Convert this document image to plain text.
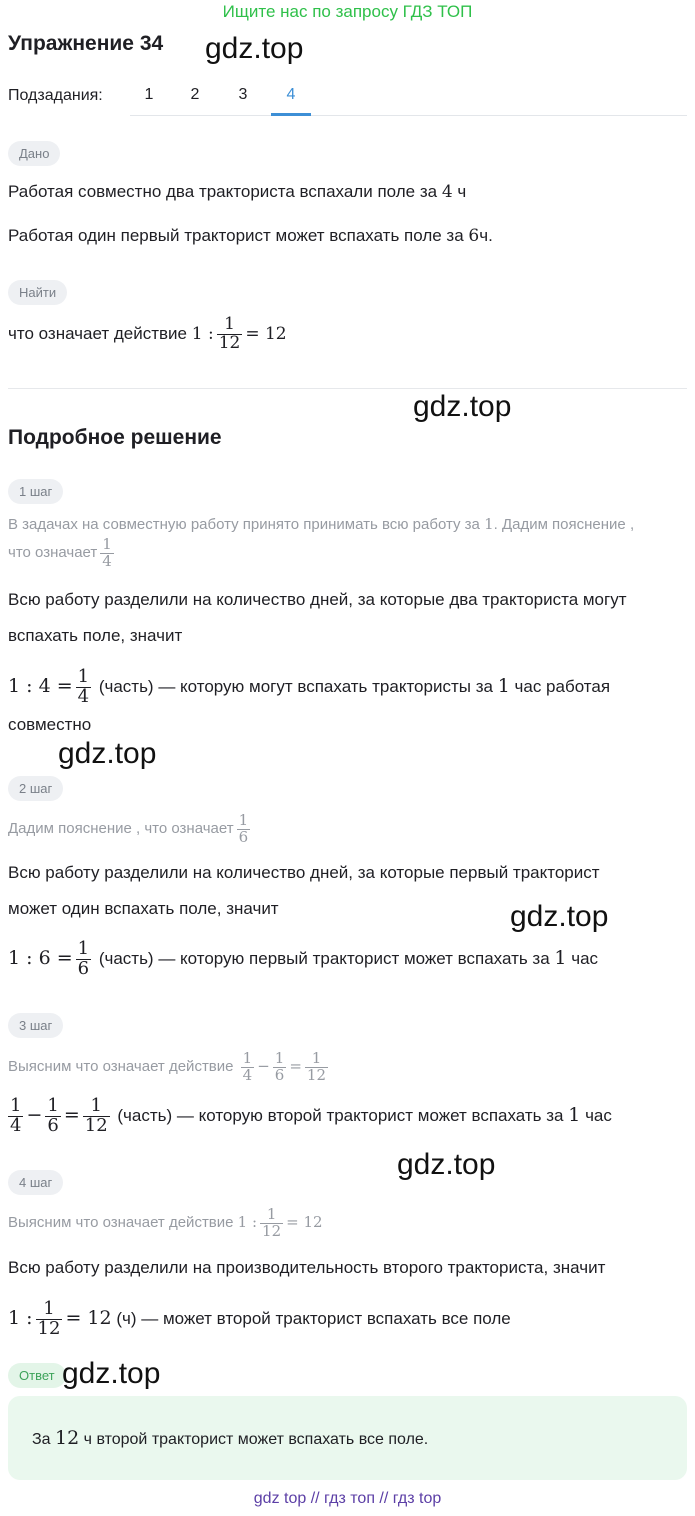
Ищите нас по запросу ГДЗ ТОП
Упражнение 34 gdz.top
Подзадания:	1	2	3	4
Дано
Работая совместно два тракториста вспахали поле за 4 ч
Работая один первый тракторист может вспахать поле за 6ч.
Найти
что означает действие 1 : $\frac{1}{12} = 12$
gdz.top
Подробное решение
1 шаг
В задачах на совместную работу принято принимать всю работу за 1. Дадим пояснение ,
что означает $\frac{1}{4}$
Всю работу разделили на количество дней, за которые два тракториста могут
вспахать поле, значит
1 : $4 = \frac{1}{4}$ (часть) — которую могут вспахать трактористы за 1 час работая
совместно
gdz.top
2 шаг
Дадим пояснение , что означает $\frac{1}{6}$
Всю работу разделили на количество дней, за которые первый тракторист
может один вспахать поле, значит	gdz.top
1 : $6 = \frac{1}{6}$ (часть) — которую первый тракторист может вспахать за 1 час
3 шаг
Выясним что означает действие $\frac{1}{4} - \frac{1}{6} = \frac{1}{12}$
$\frac{1}{4} - \frac{1}{6} = \frac{1}{12}$ (часть) — которую второй тракторист может вспахать за 1 час
gdz.top
4 шаг
Выясним что означает действие 1 : $\frac{1}{12} = 12$
Всю работу разделили на производительность второго тракториста, значит
1 : $\frac{1}{12} = 12$ (ч) — может второй тракторист вспахать все поле
Ответ gdz.top
За 12 ч второй тракторист может вспахать все поле.
gdz top // гдз топ // гдз top
